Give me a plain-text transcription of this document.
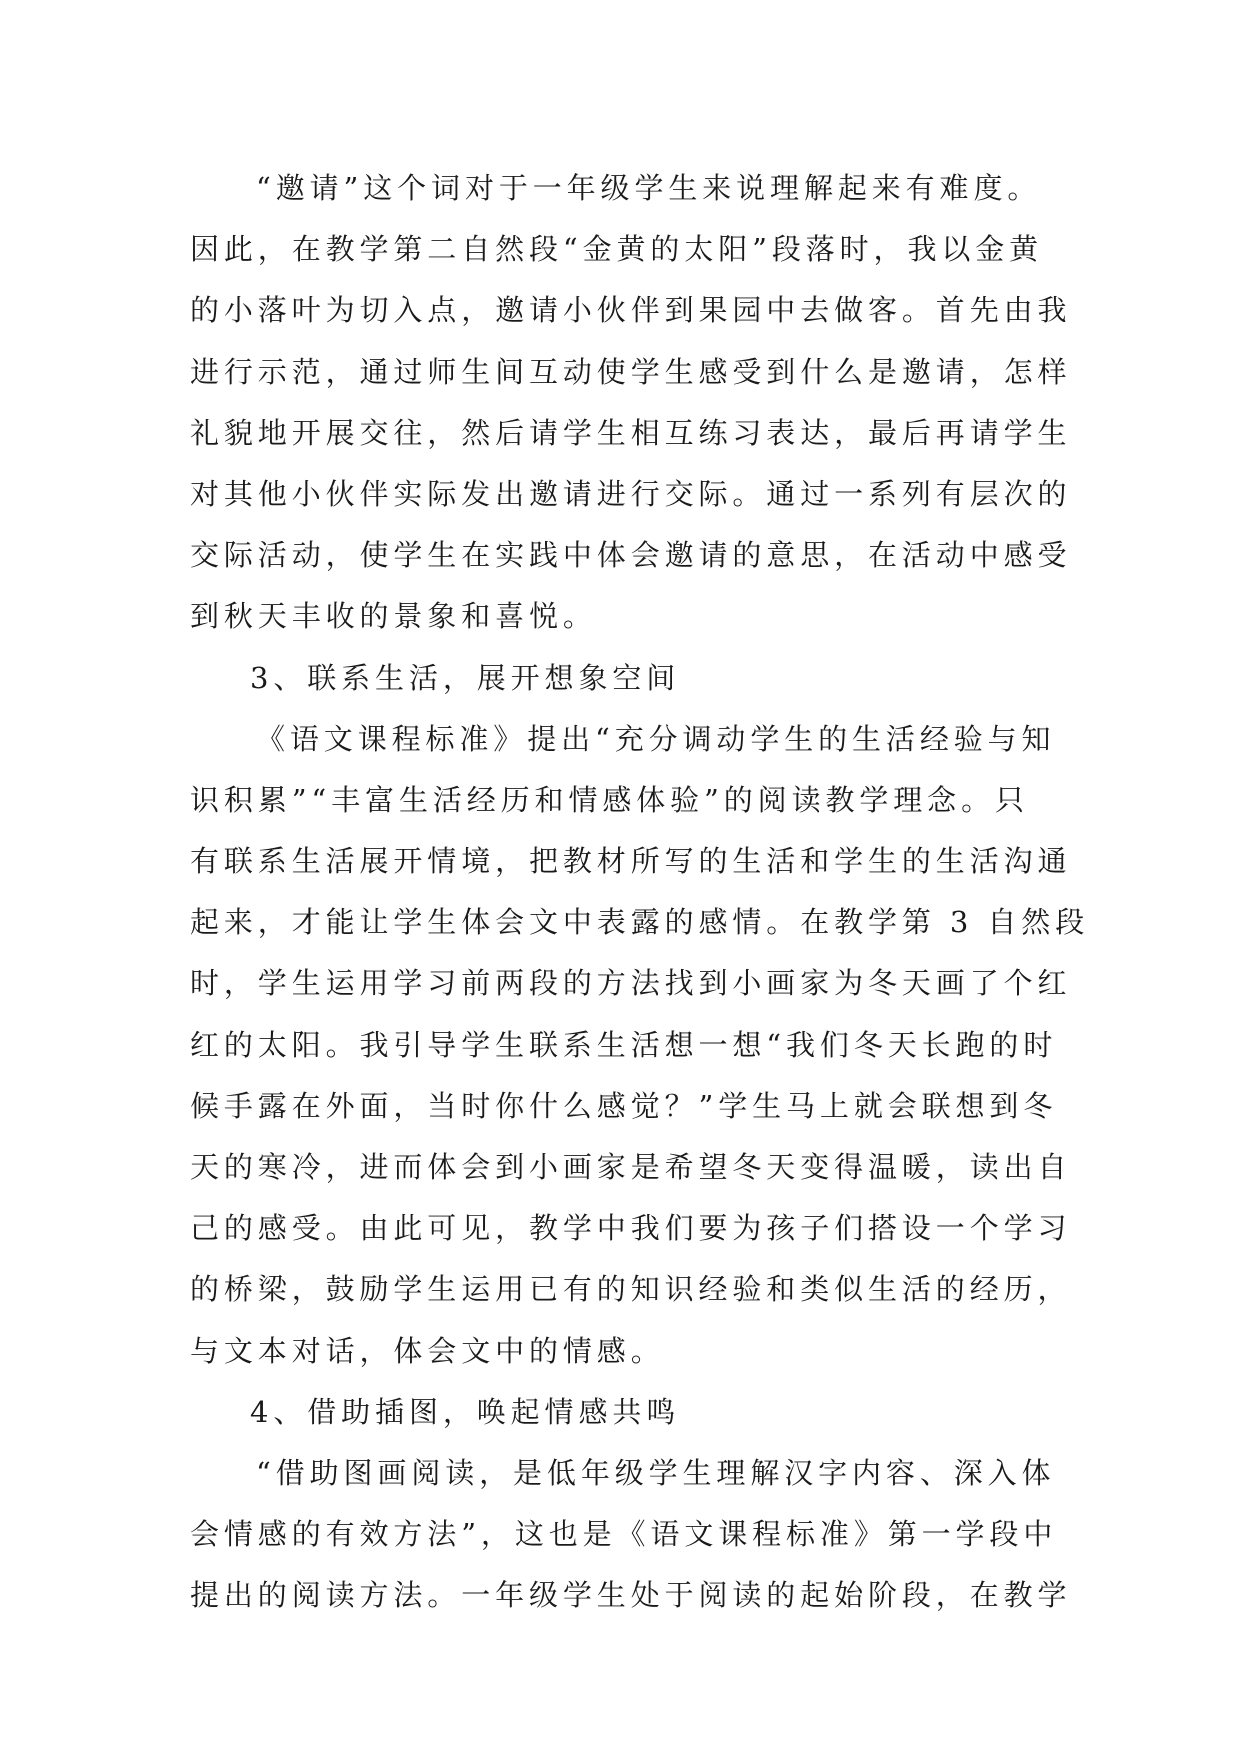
“邀请”这个词对于一年级学生来说理解起来有难度。
因此，在教学第二自然段“金黄的太阳”段落时，我以金黄
的小落叶为切入点，邀请小伙伴到果园中去做客。首先由我
进行示范，通过师生间互动使学生感受到什么是邀请，怎样
礼貌地开展交往，然后请学生相互练习表达，最后再请学生
对其他小伙伴实际发出邀请进行交际。通过一系列有层次的
交际活动，使学生在实践中体会邀请的意思，在活动中感受
到秋天丰收的景象和喜悦。
3、联系生活，展开想象空间
《语文课程标准》提出“充分调动学生的生活经验与知
识积累”“丰富生活经历和情感体验”的阅读教学理念。只
有联系生活展开情境，把教材所写的生活和学生的生活沟通
起来，才能让学生体会文中表露的感情。在教学第 3 自然段
时，学生运用学习前两段的方法找到小画家为冬天画了个红
红的太阳。我引导学生联系生活想一想“我们冬天长跑的时
候手露在外面，当时你什么感觉？”学生马上就会联想到冬
天的寒冷，进而体会到小画家是希望冬天变得温暖，读出自
己的感受。由此可见，教学中我们要为孩子们搭设一个学习
的桥梁，鼓励学生运用已有的知识经验和类似生活的经历，
与文本对话，体会文中的情感。
4、借助插图，唤起情感共鸣
“借助图画阅读，是低年级学生理解汉字内容、深入体
会情感的有效方法”，这也是《语文课程标准》第一学段中
提出的阅读方法。一年级学生处于阅读的起始阶段，在教学
